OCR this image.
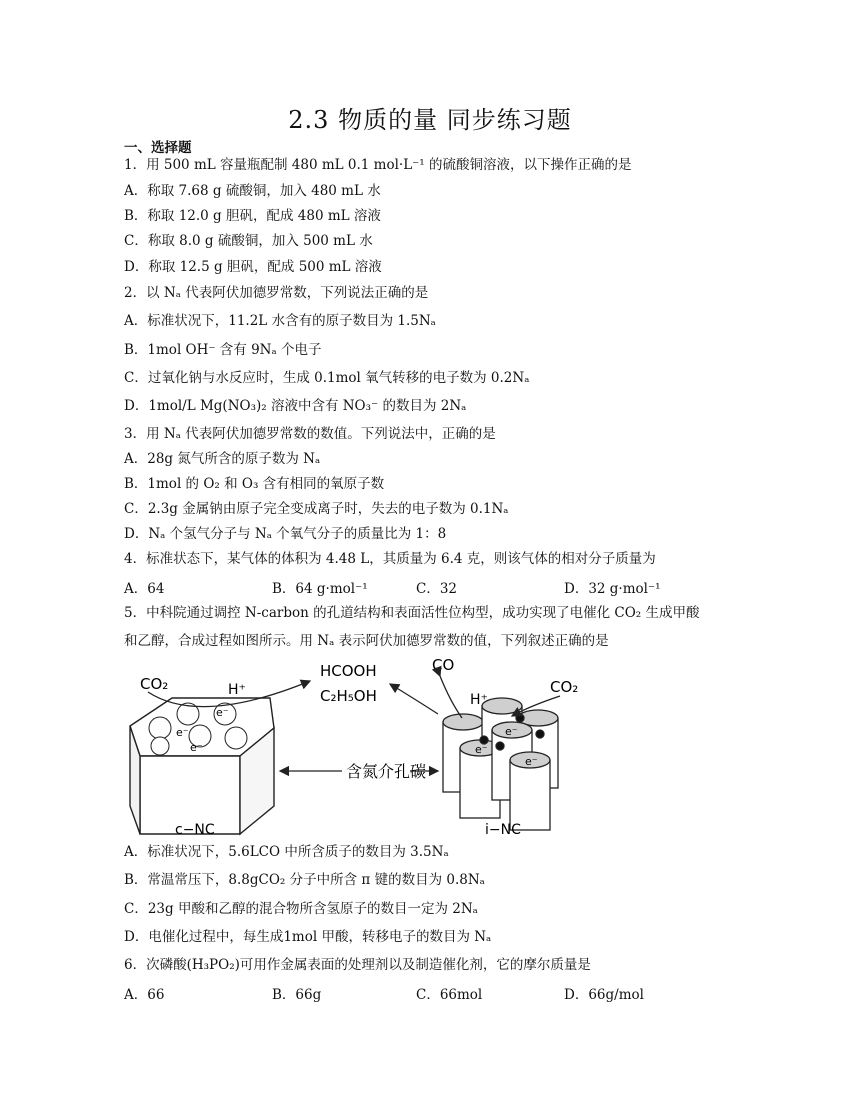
2.3 物质的量 同步练习题
一、选择题
1．用 500 mL 容量瓶配制 480 mL 0.1 mol·L⁻¹ 的硫酸铜溶液，以下操作正确的是
A．称取 7.68 g 硫酸铜，加入 480 mL 水
B．称取 12.0 g 胆矾，配成 480 mL 溶液
C．称取 8.0 g 硫酸铜，加入 500 mL 水
D．称取 12.5 g 胆矾，配成 500 mL 溶液
2．以 Nₐ 代表阿伏加德罗常数，下列说法正确的是
A．标准状况下，11.2L 水含有的原子数目为 1.5Nₐ
B．1mol OH⁻ 含有 9Nₐ 个电子
C．过氧化钠与水反应时，生成 0.1mol 氧气转移的电子数为 0.2Nₐ
D．1mol/L Mg(NO₃)₂ 溶液中含有 NO₃⁻ 的数目为 2Nₐ
3．用 Nₐ 代表阿伏加德罗常数的数值。下列说法中，正确的是
A．28g 氮气所含的原子数为 Nₐ
B．1mol 的 O₂ 和 O₃ 含有相同的氧原子数
C．2.3g 金属钠由原子完全变成离子时，失去的电子数为 0.1Nₐ
D．Nₐ 个氢气分子与 Nₐ 个氧气分子的质量比为 1：8
4．标准状态下，某气体的体积为 4.48 L，其质量为 6.4 克，则该气体的相对分子质量为
A．64	B．64 g·mol⁻¹	C．32	D．32 g·mol⁻¹
5．中科院通过调控 N-carbon 的孔道结构和表面活性位构型，成功实现了电催化 CO₂ 生成甲酸
和乙醇，合成过程如图所示。用 Nₐ 表示阿伏加德罗常数的值，下列叙述正确的是
CO₂	H⁺
e⁻
e⁻
e⁻
HCOOH
C₂H₅OH
含氮介孔碳
e⁻
e⁻
e⁻
CO
H⁺
CO₂
c−NC	i−NC
A．标准状况下，5.6LCO 中所含质子的数目为 3.5Nₐ
B．常温常压下，8.8gCO₂ 分子中所含 π 键的数目为 0.8Nₐ
C．23g 甲酸和乙醇的混合物所含氢原子的数目一定为 2Nₐ
D．电催化过程中，每生成1mol 甲酸，转移电子的数目为 Nₐ
6．次磷酸(H₃PO₂)可用作金属表面的处理剂以及制造催化剂，它的摩尔质量是
A．66	B．66g	C．66mol	D．66g/mol
